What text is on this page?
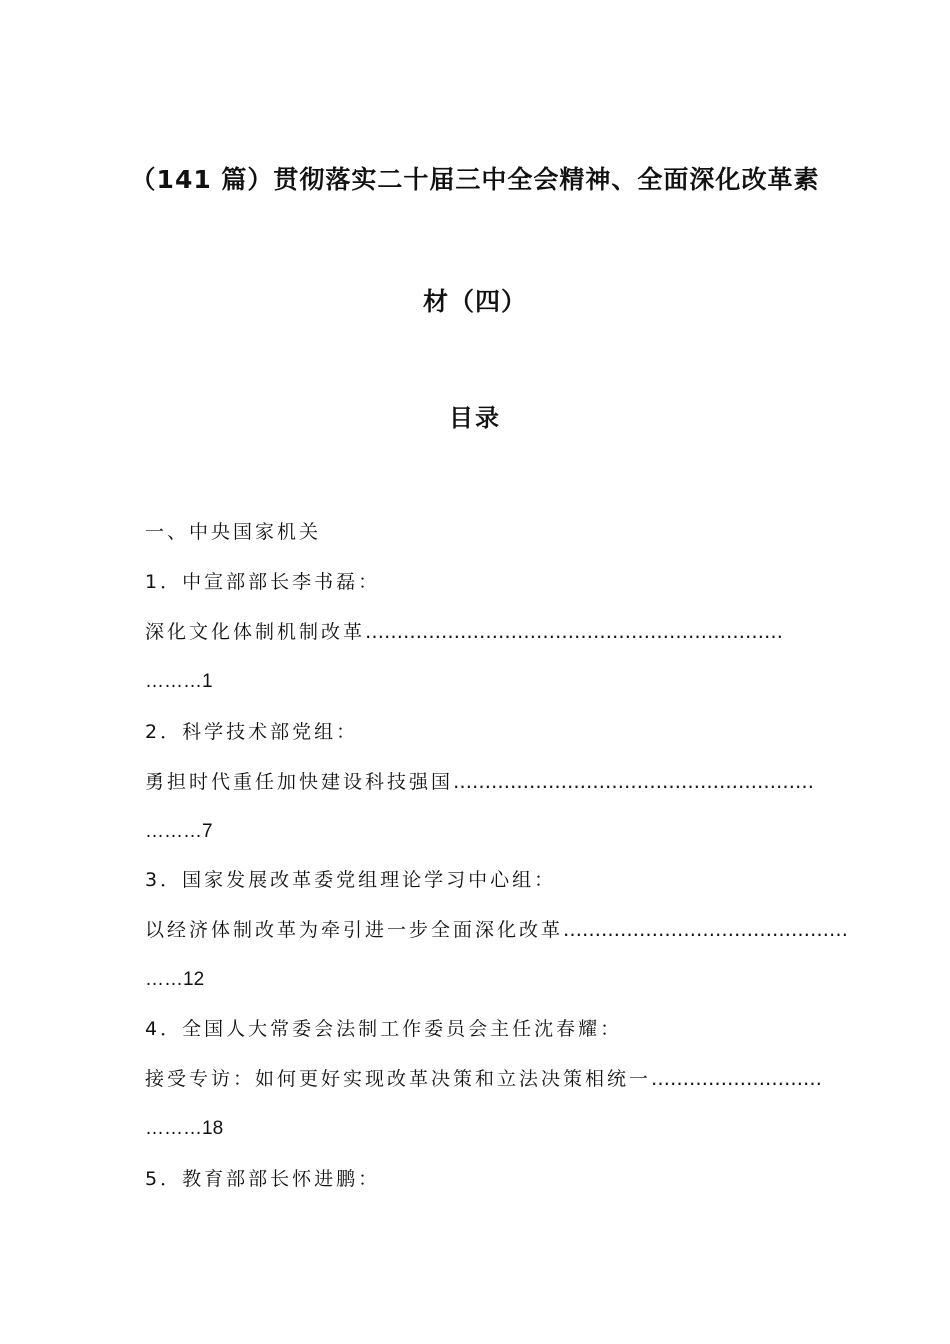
（141 篇）贯彻落实二十届三中全会精神、全面深化改革素
材（四）
目录
一、中央国家机关
1．中宣部部长李书磊：
深化文化体制机制改革…………………………………………………………
………1
2．科学技术部党组：
勇担时代重任加快建设科技强国…………………………………………………
………7
3．国家发展改革委党组理论学习中心组：
以经济体制改革为牵引进一步全面深化改革………………………………………
……12
4．全国人大常委会法制工作委员会主任沈春耀：
接受专访：如何更好实现改革决策和立法决策相统一………………………
………18
5．教育部部长怀进鹏：
